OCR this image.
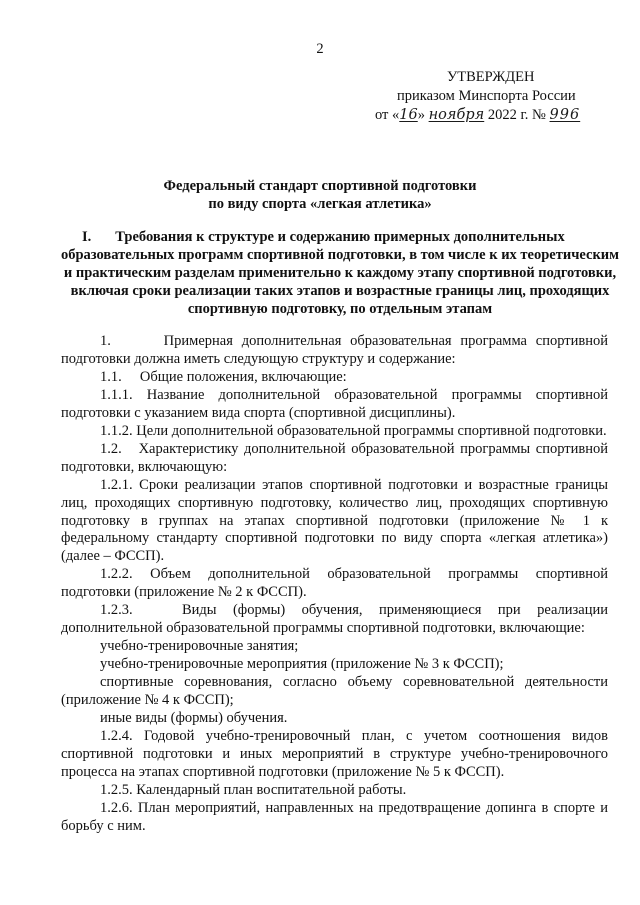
2
УТВЕРЖДЕН
приказом Минспорта России
от «16» ноября 2022 г. № 996
Федеральный стандарт спортивной подготовки
по виду спорта «легкая атлетика»
I.	Требования к структуре и содержанию примерных дополнительных образовательных программ спортивной подготовки, в том числе к их теоретическим и практическим разделам применительно к каждому этапу спортивной подготовки, включая сроки реализации таких этапов и возрастные границы лиц, проходящих спортивную подготовку, по отдельным этапам

1.      Примерная дополнительная образовательная программа спортивной подготовки должна иметь следующую структуру и содержание:

1.1.     Общие положения, включающие:

1.1.1. Название дополнительной образовательной программы спортивной подготовки с указанием вида спорта (спортивной дисциплины).

1.1.2. Цели дополнительной образовательной программы спортивной подготовки.

1.2.   Характеристику дополнительной образовательной программы спортивной подготовки, включающую:

1.2.1. Сроки реализации этапов спортивной подготовки и возрастные границы лиц, проходящих спортивную подготовку, количество лиц, проходящих спортивную подготовку в группах на этапах спортивной подготовки (приложение № 1 к федеральному стандарту спортивной подготовки по виду спорта «легкая атлетика») (далее – ФССП).

1.2.2. Объем дополнительной образовательной программы спортивной подготовки (приложение № 2 к ФССП).

1.2.3.   Виды (формы) обучения, применяющиеся при реализации дополнительной образовательной программы спортивной подготовки, включающие:

учебно-тренировочные занятия;

учебно-тренировочные мероприятия (приложение № 3 к ФССП);

спортивные соревнования, согласно объему соревновательной деятельности (приложение № 4 к ФССП);

иные виды (формы) обучения.

1.2.4. Годовой учебно-тренировочный план, с учетом соотношения видов спортивной подготовки и иных мероприятий в структуре учебно-тренировочного процесса на этапах спортивной подготовки (приложение № 5 к ФССП).

1.2.5. Календарный план воспитательной работы.

1.2.6. План мероприятий, направленных на предотвращение допинга в спорте и борьбу с ним.
